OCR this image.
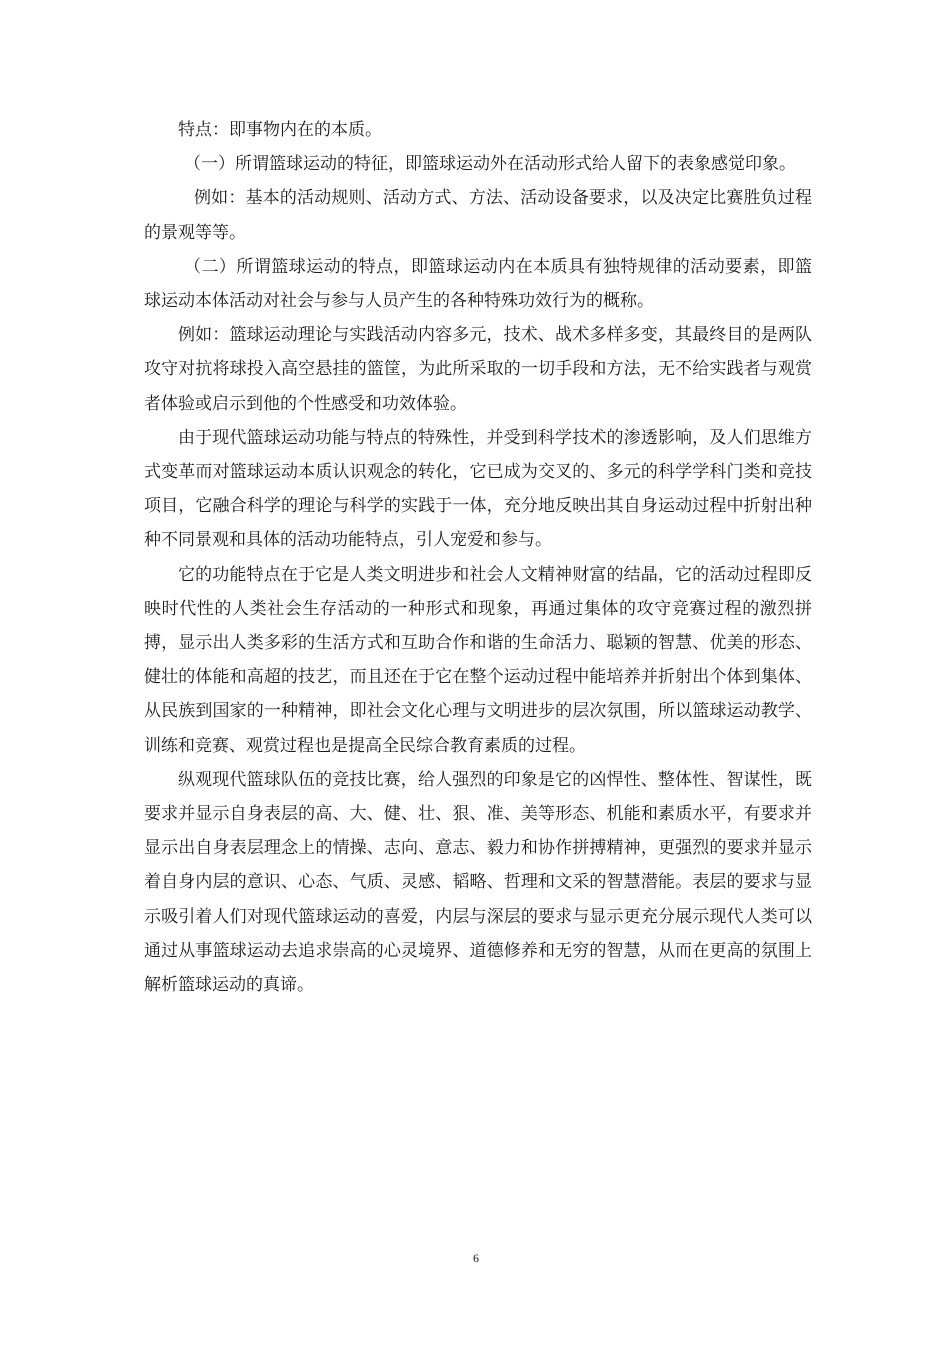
特点：即事物内在的本质。

（一）所谓篮球运动的特征，即篮球运动外在活动形式给人留下的表象感觉印象。

例如：基本的活动规则、活动方式、方法、活动设备要求，以及决定比赛胜负过程的景观等等。

（二）所谓篮球运动的特点，即篮球运动内在本质具有独特规律的活动要素，即篮球运动本体活动对社会与参与人员产生的各种特殊功效行为的概称。

例如：篮球运动理论与实践活动内容多元，技术、战术多样多变，其最终目的是两队攻守对抗将球投入高空悬挂的篮筐，为此所采取的一切手段和方法，无不给实践者与观赏者体验或启示到他的个性感受和功效体验。

由于现代篮球运动功能与特点的特殊性，并受到科学技术的渗透影响，及人们思维方式变革而对篮球运动本质认识观念的转化，它已成为交叉的、多元的科学学科门类和竞技项目，它融合科学的理论与科学的实践于一体，充分地反映出其自身运动过程中折射出种种不同景观和具体的活动功能特点，引人宠爱和参与。

它的功能特点在于它是人类文明进步和社会人文精神财富的结晶，它的活动过程即反映时代性的人类社会生存活动的一种形式和现象，再通过集体的攻守竞赛过程的激烈拼搏，显示出人类多彩的生活方式和互助合作和谐的生命活力、聪颖的智慧、优美的形态、健壮的体能和高超的技艺，而且还在于它在整个运动过程中能培养并折射出个体到集体、从民族到国家的一种精神，即社会文化心理与文明进步的层次氛围，所以篮球运动教学、训练和竞赛、观赏过程也是提高全民综合教育素质的过程。

纵观现代篮球队伍的竞技比赛，给人强烈的印象是它的凶悍性、整体性、智谋性，既要求并显示自身表层的高、大、健、壮、狠、准、美等形态、机能和素质水平，有要求并显示出自身表层理念上的情操、志向、意志、毅力和协作拼搏精神，更强烈的要求并显示着自身内层的意识、心态、气质、灵感、韬略、哲理和文采的智慧潜能。表层的要求与显示吸引着人们对现代篮球运动的喜爱，内层与深层的要求与显示更充分展示现代人类可以通过从事篮球运动去追求崇高的心灵境界、道德修养和无穷的智慧，从而在更高的氛围上解析篮球运动的真谛。

6
